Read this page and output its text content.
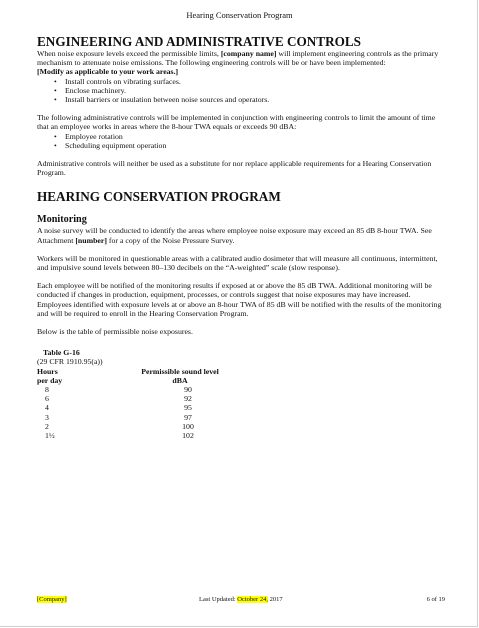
Hearing Conservation Program
ENGINEERING AND ADMINISTRATIVE CONTROLS

When noise exposure levels exceed the permissible limits, [company name] will implement engineering controls as the primary mechanism to attenuate noise emissions. The following engineering controls will be or have been implemented:

[Modify as applicable to your work areas.]

• Install controls on vibrating surfaces.
• Enclose machinery.
• Install barriers or insulation between noise sources and operators.

The following administrative controls will be implemented in conjunction with engineering controls to limit the amount of time that an employee works in areas where the 8-hour TWA equals or exceeds 90 dBA:

• Employee rotation
• Scheduling equipment operation

Administrative controls will neither be used as a substitute for nor replace applicable requirements for a Hearing Conservation Program.

HEARING CONSERVATION PROGRAM
Monitoring

A noise survey will be conducted to identify the areas where employee noise exposure may exceed an 85 dB 8-hour TWA. See Attachment [number] for a copy of the Noise Pressure Survey.

Workers will be monitored in questionable areas with a calibrated audio dosimeter that will measure all continuous, intermittent, and impulsive sound levels between 80–130 decibels on the “A-weighted” scale (slow response).

Each employee will be notified of the monitoring results if exposed at or above the 85 dB TWA. Additional monitoring will be conducted if changes in production, equipment, processes, or controls suggest that noise exposures may have increased. Employees identified with exposure levels at or above an 8-hour TWA of 85 dB will be notified with the results of the monitoring and will be required to enroll in the Hearing Conservation Program.

Below is the table of permissible noise exposures.

Table G-16
(29 CFR 1910.95(a))
Hours	Permissible sound level
per day	dBA
8	90
6	92
4	95
3	97
2	100
1½	102
[Company]	Last Updated: October 24, 2017	6 of 19
